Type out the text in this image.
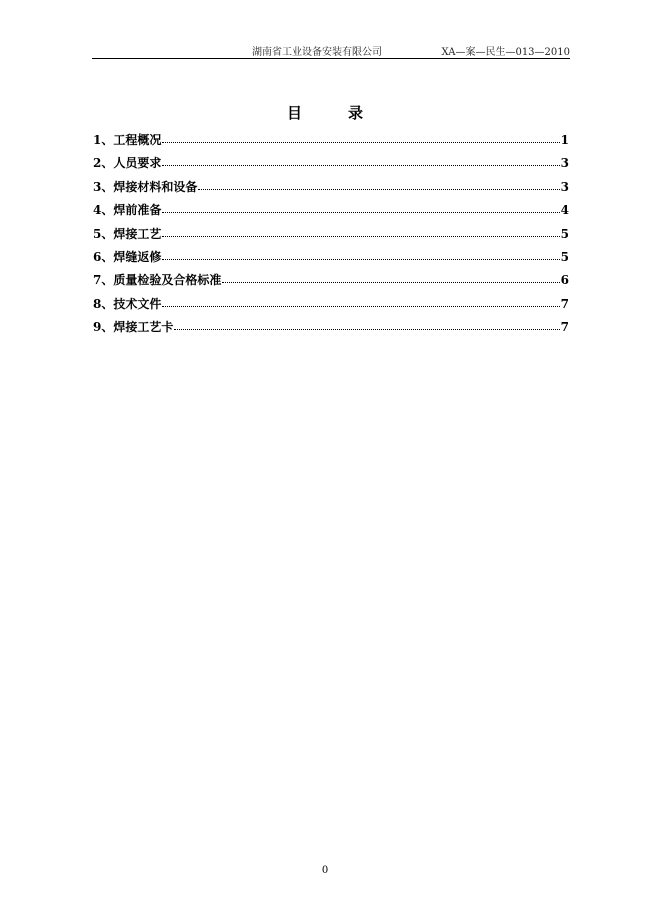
湖南省工业设备安装有限公司	XA—案—民生—013—2010
目	录
1、 工程概况	1
2、 人员要求	3
3、 焊接材料和设备	3
4、 焊前准备	4
5、 焊接工艺	5
6、 焊缝返修	5
7、 质量检验及合格标准	6
8、 技术文件	7
9、 焊接工艺卡	7
0
